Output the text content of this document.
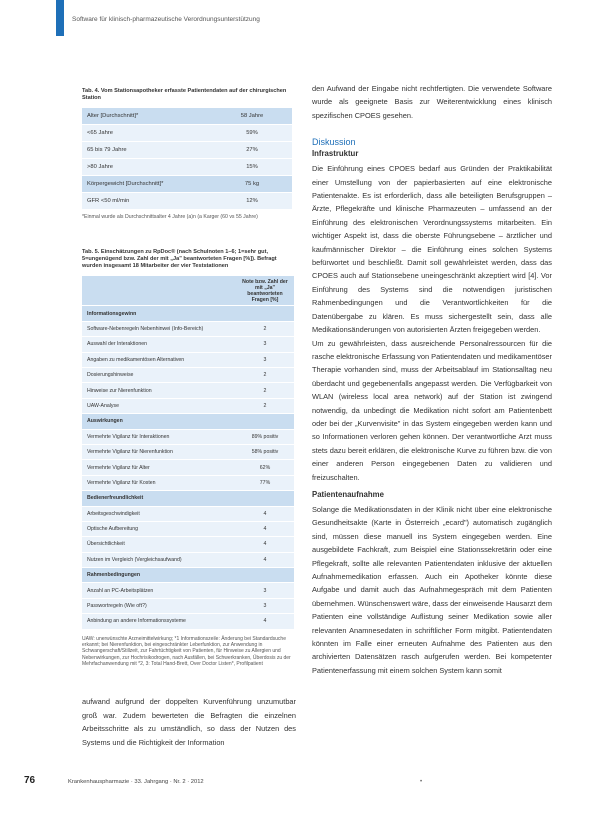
Software für klinisch-pharmazeutische Verordnungsunterstützung
Tab. 4. Vom Stationsapotheker erfasste Patientendaten auf der chirurgischen Station
Alter [Durchschnitt]*	58 Jahre
<65 Jahre	59%
65 bis 79 Jahre	27%
>80 Jahre	15%
Körpergewicht [Durchschnitt]*	75 kg
GFR <50 ml/min	12%
*Einmal wurde als Durchschnittsalter 4 Jahre (a)n (a Karger (60 vs 55 Jahre)
Tab. 5. Einschätzungen zu RpDoc® (nach Schulnoten 1–6; 1=sehr gut, 5=ungenügend bzw. Zahl der mit „Ja" beantworteten Fragen [%]). Befragt wurden insgesamt 18 Mitarbeiter der vier Teststationen
	Note bzw. Zahl der mit „Ja" beantworteten Fragen [%]
Informationsgewinn	
Software-Nebenregeln Nebenhinwei (Info-Bereich)	2
Auswahl der Interaktionen	3
Angaben zu medikamentösen Alternativen	3
Dosierungshinweise	2
Hinweise zur Nierenfunktion	2
UAW-Analyse	2
Auswirkungen	
Vermehrte Vigilanz für Interaktionen	89% positiv
Vermehrte Vigilanz für Nierenfunktion	58% positiv
Vermehrte Vigilanz für Alter	62%
Vermehrte Vigilanz für Kosten	77%
Bedienerfreundlichkeit	
Arbeitsgeschwindigkeit	4
Optische Aufbereitung	4
Übersichtlichkeit	4
Nutzen im Vergleich (Vergleichsaufwand)	4
Rahmenbedingungen	
Anzahl an PC-Arbeitsplätzen	3
Passwortregeln (Wie oft?)	3
Anbindung an andere Informationssysteme	4
UAW: unerwünschte Arzneimittelwirkung; *1 Informationszeile: Änderung bei Standardsuche erkannt; bei Nierenfunktion, bei eingeschränkter Leberfunktion, zur Anwendung in Schwangerschaft/Stillzeit, zur Fahrtüchtigkeit von Patienten, für Hinweise zu Allergien und Nebenwirkungen, zur Hochrisikodrogen, nach Ausfällen, bei Schwerkranken, Überdosis zu der Mehrfachanwendung mit *2, 3: Total Hand-Brett, Over Doctor Listen*, Profilpatient
aufwand aufgrund der doppelten Kurvenführung unzumutbar groß war. Zudem bewerteten die Befragten die einzelnen Arbeitsschritte als zu umständlich, so dass der Nutzen des Systems und die Richtigkeit der Information

den Aufwand der Eingabe nicht rechtfertigten. Die verwendete Software wurde als geeignete Basis zur Weiterentwicklung eines klinisch spezifischen CPOES gesehen.

Diskussion
Infrastruktur

Die Einführung eines CPOES bedarf aus Gründen der Praktikabilität einer Umstellung von der papierbasierten auf eine elektronische Patientenakte. Es ist erforderlich, dass alle beteiligten Berufsgruppen – Ärzte, Pflegekräfte und klinische Pharmazeuten – umfassend an der Einführung des elektronischen Verordnungssystems mitarbeiten. Ein wichtiger Aspekt ist, dass die oberste Führungsebene – ärztlicher und kaufmännischer Direktor – die Einführung eines solchen Systems befürwortet und beschließt. Damit soll gewährleistet werden, dass das CPOES auch auf Stationsebene uneingeschränkt akzeptiert wird [4]. Vor Einführung des Systems sind die notwendigen juristischen Rahmenbedingungen und die Verantwortlichkeiten für die Datenübergabe zu klären. Es muss sichergestellt sein, dass alle Medikationsänderungen von autorisierten Ärzten freigegeben werden.

Um zu gewährleisten, dass ausreichende Personalressourcen für die rasche elektronische Erfassung von Patientendaten und medikamentöser Therapie vorhanden sind, muss der Arbeitsablauf im Stationsalltag neu überdacht und gegebenenfalls angepasst werden. Die Verfügbarkeit von WLAN (wireless local area network) auf der Station ist zwingend notwendig, da unbedingt die Medikation nicht sofort am Patientenbett oder bei der „Kurvenvisite" in das System eingegeben werden kann und so Informationen verloren gehen können. Der verantwortliche Arzt muss stets dazu bereit erklären, die elektronische Kurve zu führen bzw. die von einer anderen Person eingegebenen Daten zu validieren und freizuschalten.

Patientenaufnahme

Solange die Medikationsdaten in der Klinik nicht über eine elektronische Gesundheitsakte (Karte in Österreich „ecard") automatisch zugänglich sind, müssen diese manuell ins System eingegeben werden. Eine ausgebildete Fachkraft, zum Beispiel eine Stationssekretärin oder eine Pflegekraft, sollte alle relevanten Patientendaten inklusive der aktuellen Aufnahmemedikation erfassen. Auch ein Apotheker könnte diese Aufgabe und damit auch das Aufnahmegespräch mit dem Patienten übernehmen. Wünschenswert wäre, dass der einweisende Hausarzt dem Patienten eine vollständige Auflistung seiner Medikation sowie aller relevanten Anamnesedaten in schriftlicher Form mitgibt. Patientendaten könnten im Falle einer erneuten Aufnahme des Patienten aus den archivierten Datensätzen rasch aufgerufen werden. Bei kompetenter Patientenerfassung mit einem solchen System kann somit

76	Krankenhauspharmazie · 33. Jahrgang · Nr. 2 · 2012	•
